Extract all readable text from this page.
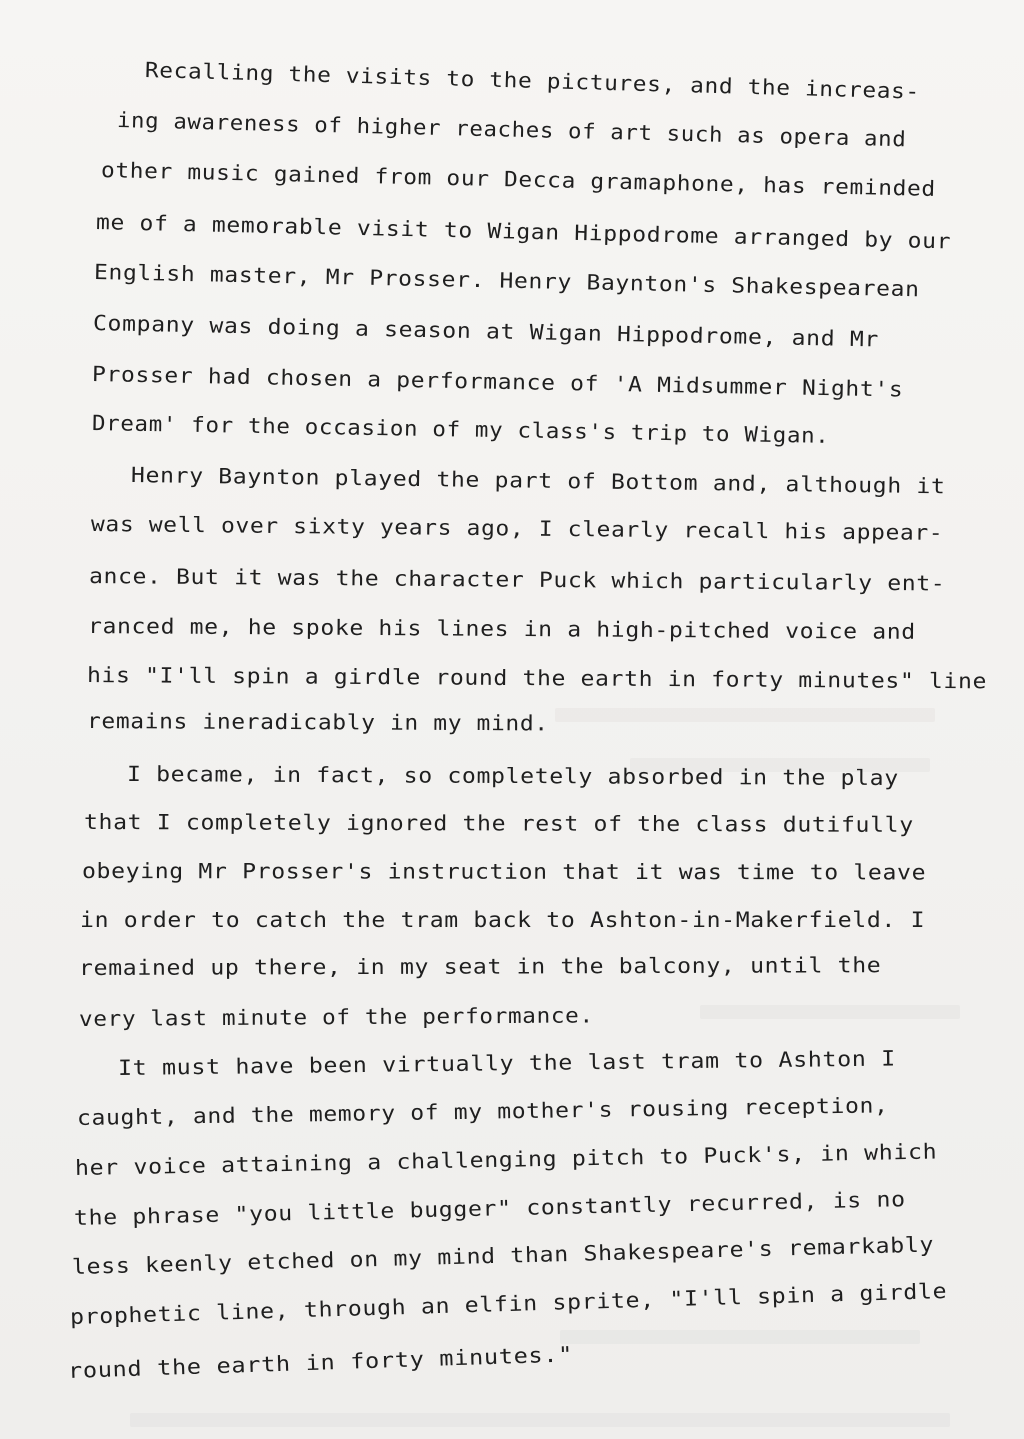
Recalling the visits to the pictures, and the increas-
ing awareness of higher reaches of art such as opera and
other music gained from our Decca gramaphone, has reminded
me of a memorable visit to Wigan Hippodrome arranged by our
English master, Mr Prosser. Henry Baynton's Shakespearean
Company was doing a season at Wigan Hippodrome, and Mr
Prosser had chosen a performance of 'A Midsummer Night's
Dream' for the occasion of my class's trip to Wigan.
Henry Baynton played the part of Bottom and, although it
was well over sixty years ago, I clearly recall his appear-
ance. But it was the character Puck which particularly ent-
ranced me, he spoke his lines in a high-pitched voice and
his "I'll spin a girdle round the earth in forty minutes" line
remains ineradicably in my mind.
I became, in fact, so completely absorbed in the play
that I completely ignored the rest of the class dutifully
obeying Mr Prosser's instruction that it was time to leave
in order to catch the tram back to Ashton-in-Makerfield. I
remained up there, in my seat in the balcony, until the
very last minute of the performance.
It must have been virtually the last tram to Ashton I
caught, and the memory of my mother's rousing reception,
her voice attaining a challenging pitch to Puck's, in which
the phrase "you little bugger" constantly recurred, is no
less keenly etched on my mind than Shakespeare's remarkably
prophetic line, through an elfin sprite, "I'll spin a girdle
round the earth in forty minutes."
